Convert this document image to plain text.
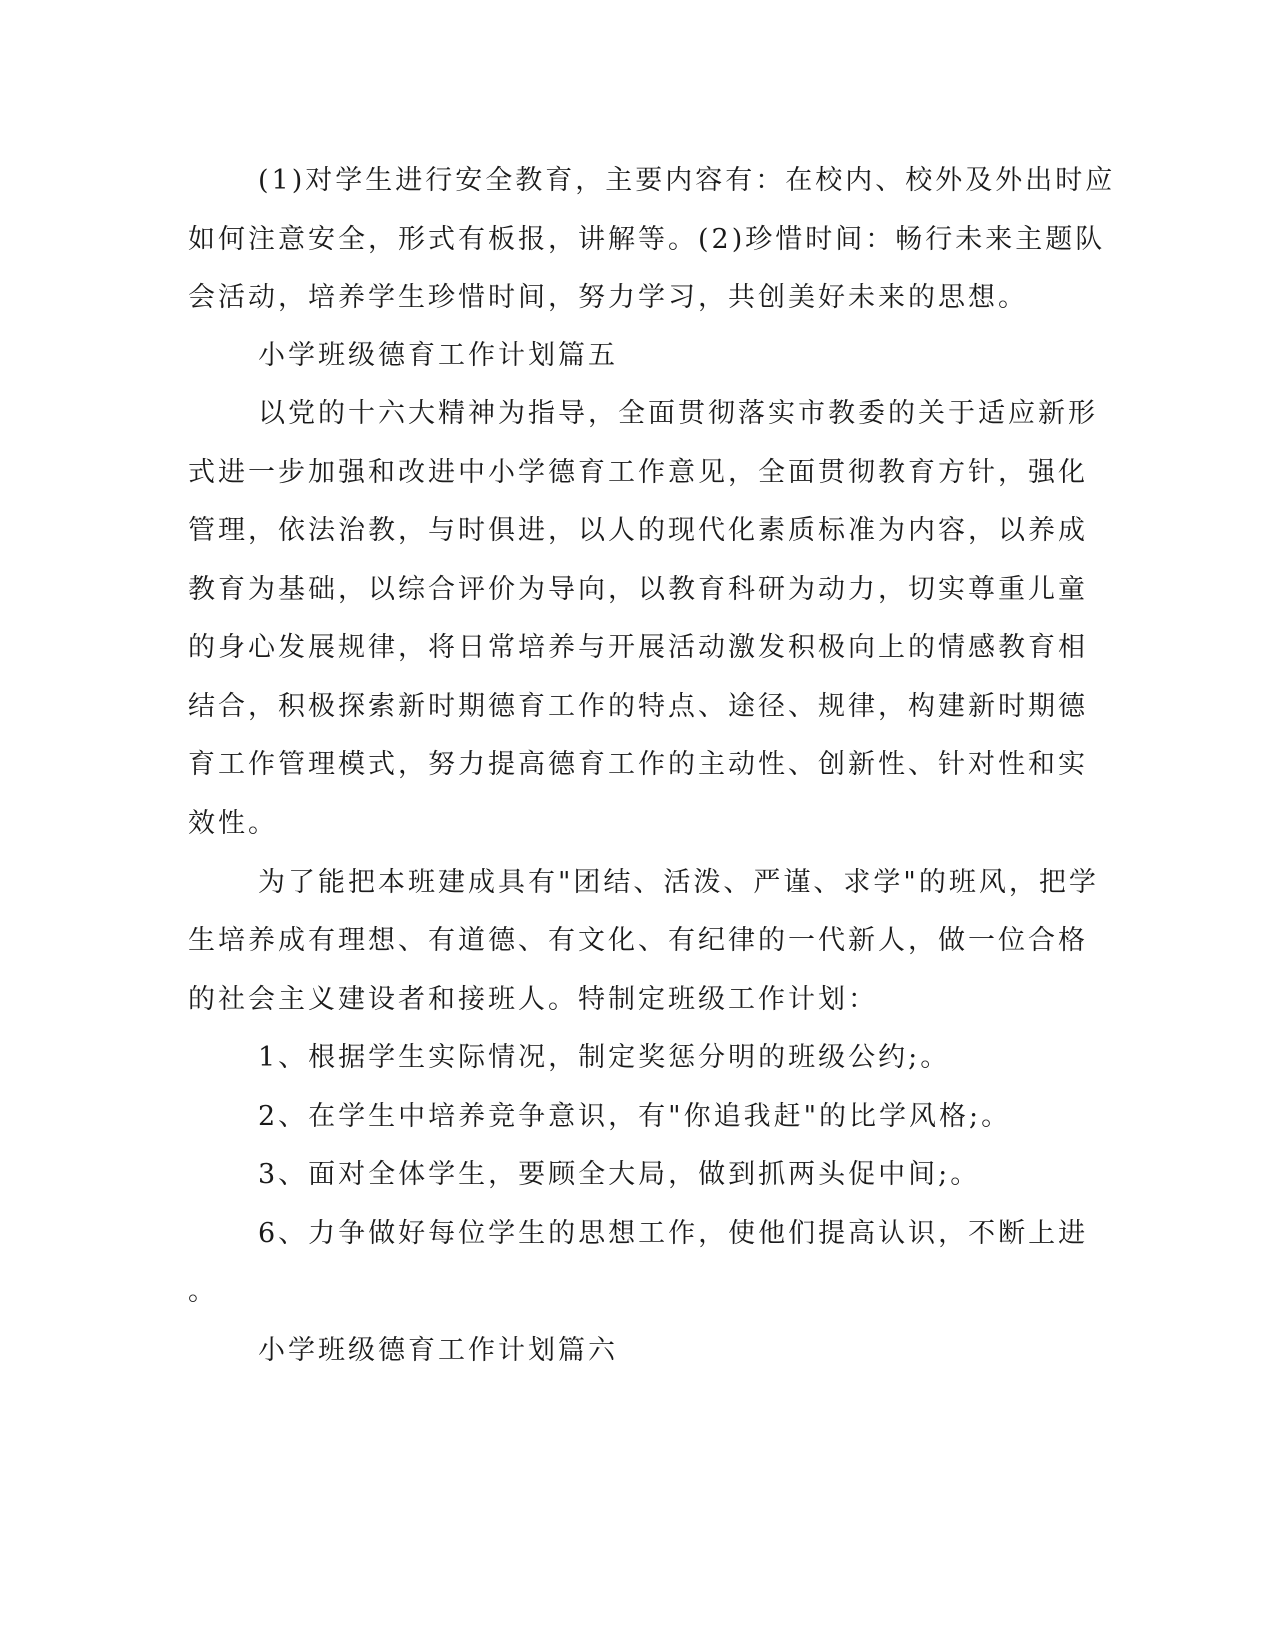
(1)对学生进行安全教育，主要内容有：在校内、校外及外出时应
如何注意安全，形式有板报，讲解等。(2)珍惜时间：畅行未来主题队
会活动，培养学生珍惜时间，努力学习，共创美好未来的思想。
小学班级德育工作计划篇五
以党的十六大精神为指导，全面贯彻落实市教委的关于适应新形
式进一步加强和改进中小学德育工作意见，全面贯彻教育方针，强化
管理，依法治教，与时俱进，以人的现代化素质标准为内容，以养成
教育为基础，以综合评价为导向，以教育科研为动力，切实尊重儿童
的身心发展规律，将日常培养与开展活动激发积极向上的情感教育相
结合，积极探索新时期德育工作的特点、途径、规律，构建新时期德
育工作管理模式，努力提高德育工作的主动性、创新性、针对性和实
效性。
为了能把本班建成具有"团结、活泼、严谨、求学"的班风，把学
生培养成有理想、有道德、有文化、有纪律的一代新人，做一位合格
的社会主义建设者和接班人。特制定班级工作计划：
1、根据学生实际情况，制定奖惩分明的班级公约;。
2、在学生中培养竞争意识，有"你追我赶"的比学风格;。
3、面对全体学生，要顾全大局，做到抓两头促中间;。
6、力争做好每位学生的思想工作，使他们提高认识，不断上进
。
小学班级德育工作计划篇六
